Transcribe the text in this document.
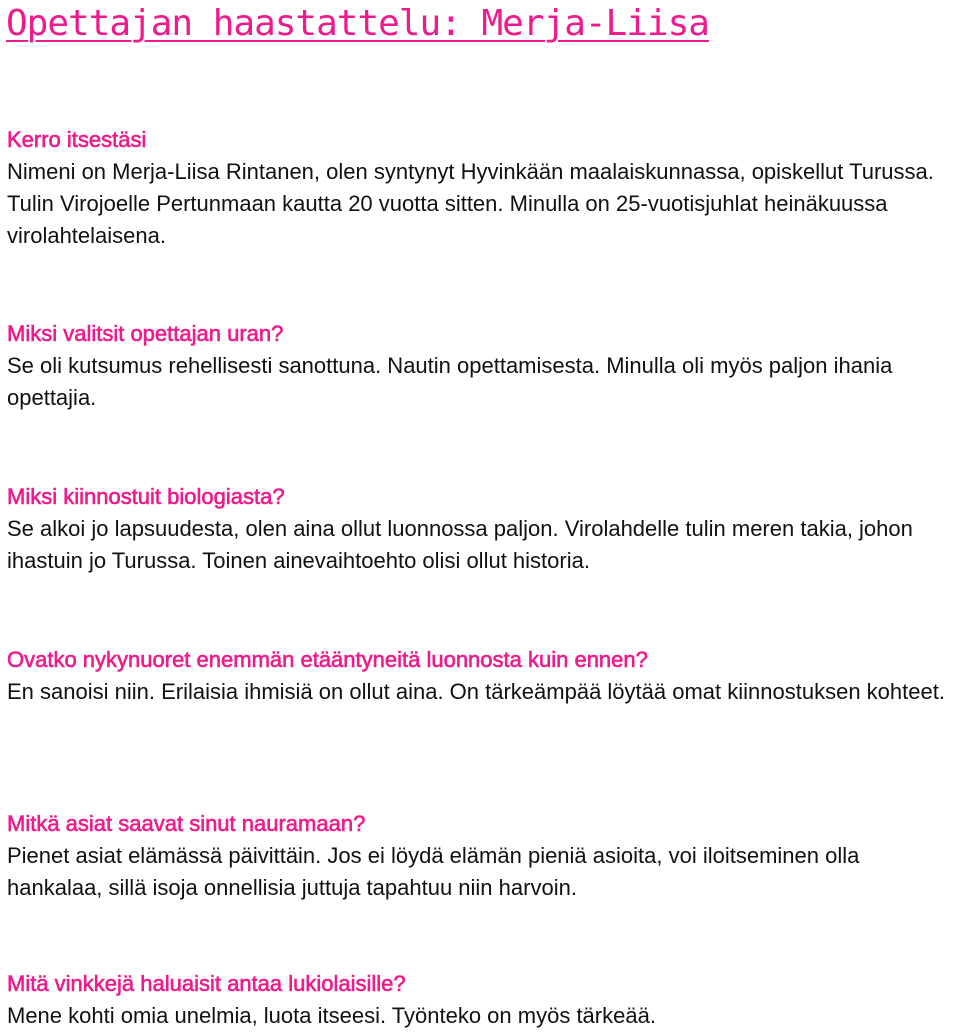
Opettajan haastattelu: Merja-Liisa

Kerro itsestäsi

Nimeni on Merja-Liisa Rintanen, olen syntynyt Hyvinkään maalaiskunnassa, opiskellut Turussa. Tulin Virojoelle Pertunmaan kautta 20 vuotta sitten. Minulla on 25-vuotisjuhlat heinäkuussa virolahtelaisena.

Miksi valitsit opettajan uran?

Se oli kutsumus rehellisesti sanottuna. Nautin opettamisesta. Minulla oli myös paljon ihania opettajia.

Miksi kiinnostuit biologiasta?

Se alkoi jo lapsuudesta, olen aina ollut luonnossa paljon. Virolahdelle tulin meren takia, johon ihastuin jo Turussa. Toinen ainevaihtoehto olisi ollut historia.

Ovatko nykynuoret enemmän etääntyneitä luonnosta kuin ennen?

En sanoisi niin. Erilaisia ihmisiä on ollut aina. On tärkeämpää löytää omat kiinnostuksen kohteet.

Mitkä asiat saavat sinut nauramaan?

Pienet asiat elämässä päivittäin. Jos ei löydä elämän pieniä asioita, voi iloitseminen olla hankalaa, sillä isoja onnellisia juttuja tapahtuu niin harvoin.

Mitä vinkkejä haluaisit antaa lukiolaisille?

Mene kohti omia unelmia, luota itseesi. Työnteko on myös tärkeää.
